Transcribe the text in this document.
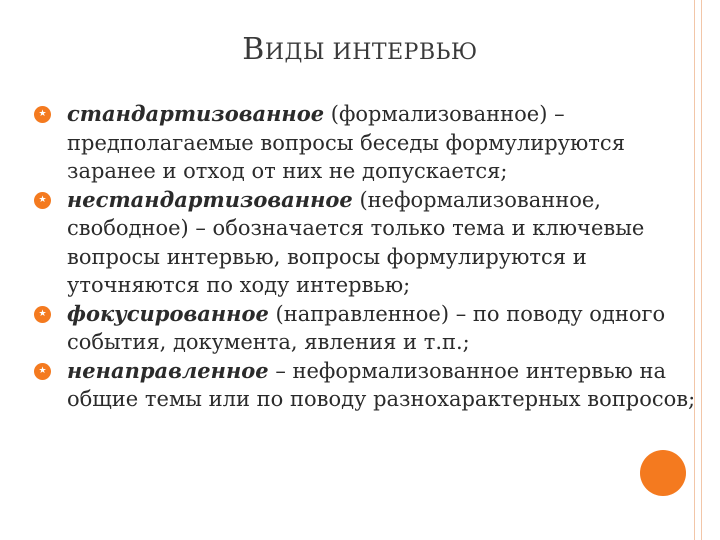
ВИДЫ ИНТЕРВЬЮ
★ стандартизованное (формализованное) – предполагаемые вопросы беседы формулируются заранее и отход от них не допускается;
★ нестандартизованное (неформализованное, свободное) – обозначается только тема и ключевые вопросы интервью, вопросы формулируются и уточняются по ходу интервью;
★ фокусированное (направленное) – по поводу одного события, документа, явления и т.п.;
★ ненаправленное – неформализованное интервью на общие темы или по поводу разнохарактерных вопросов;
